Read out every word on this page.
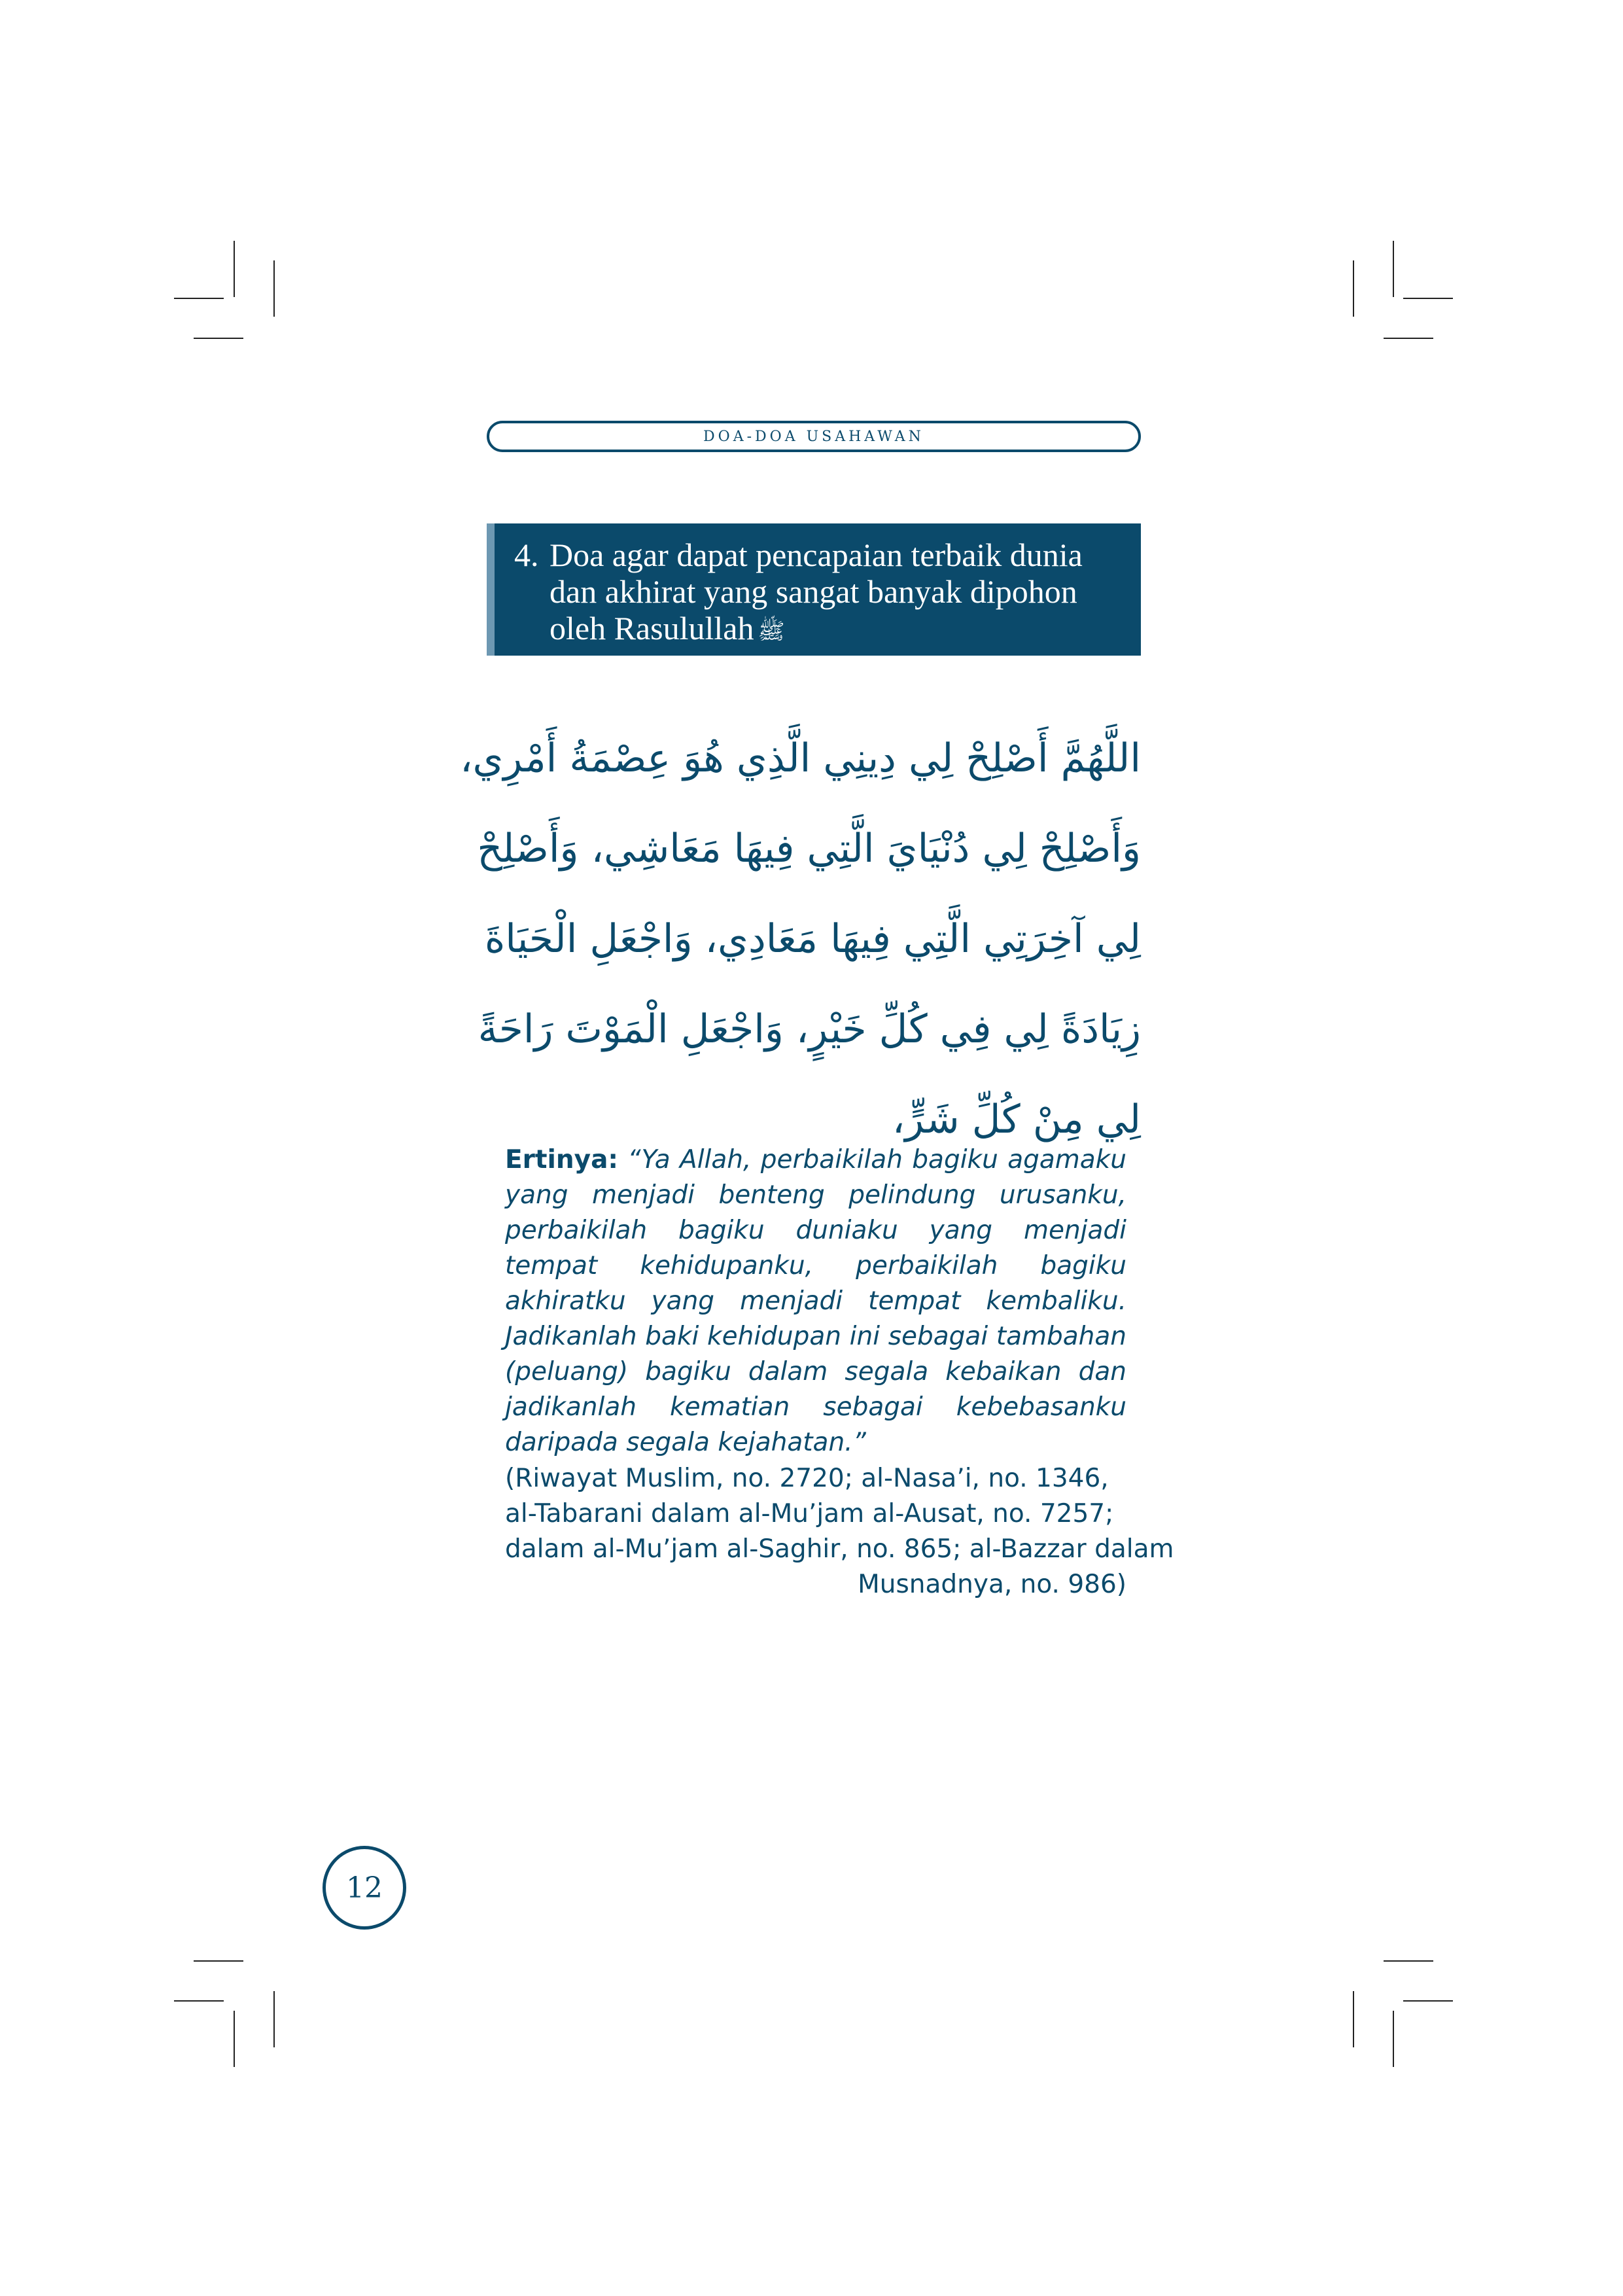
DOA-DOA USAHAWAN
4. Doa agar dapat pencapaian terbaik dunia dan akhirat yang sangat banyak dipohon oleh Rasulullah ﷺ
اللَّهُمَّ أَصْلِحْ لِي دِينِي الَّذِي هُوَ عِصْمَةُ أَمْرِي،
وَأَصْلِحْ لِي دُنْيَايَ الَّتِي فِيهَا مَعَاشِي، وَأَصْلِحْ
لِي آخِرَتِي الَّتِي فِيهَا مَعَادِي، وَاجْعَلِ الْحَيَاةَ
زِيَادَةً لِي فِي كُلِّ خَيْرٍ، وَاجْعَلِ الْمَوْتَ رَاحَةً
لِي مِنْ كُلِّ شَرٍّ،
Ertinya: “Ya Allah, perbaikilah bagiku agamaku yang menjadi benteng pelindung urusanku, perbaikilah bagiku duniaku yang menjadi tempat kehidupanku, perbaikilah bagiku akhiratku yang menjadi tempat kembaliku. Jadikanlah baki kehidupan ini sebagai tambahan (peluang) bagiku dalam segala kebaikan dan jadikanlah kematian sebagai kebebasanku daripada segala kejahatan.”
(Riwayat Muslim, no. 2720; al-Nasa’i, no. 1346,
al-Tabarani dalam al-Mu’jam al-Ausat, no. 7257;
dalam al-Mu’jam al-Saghir, no. 865; al-Bazzar dalam
Musnadnya, no. 986)
12
